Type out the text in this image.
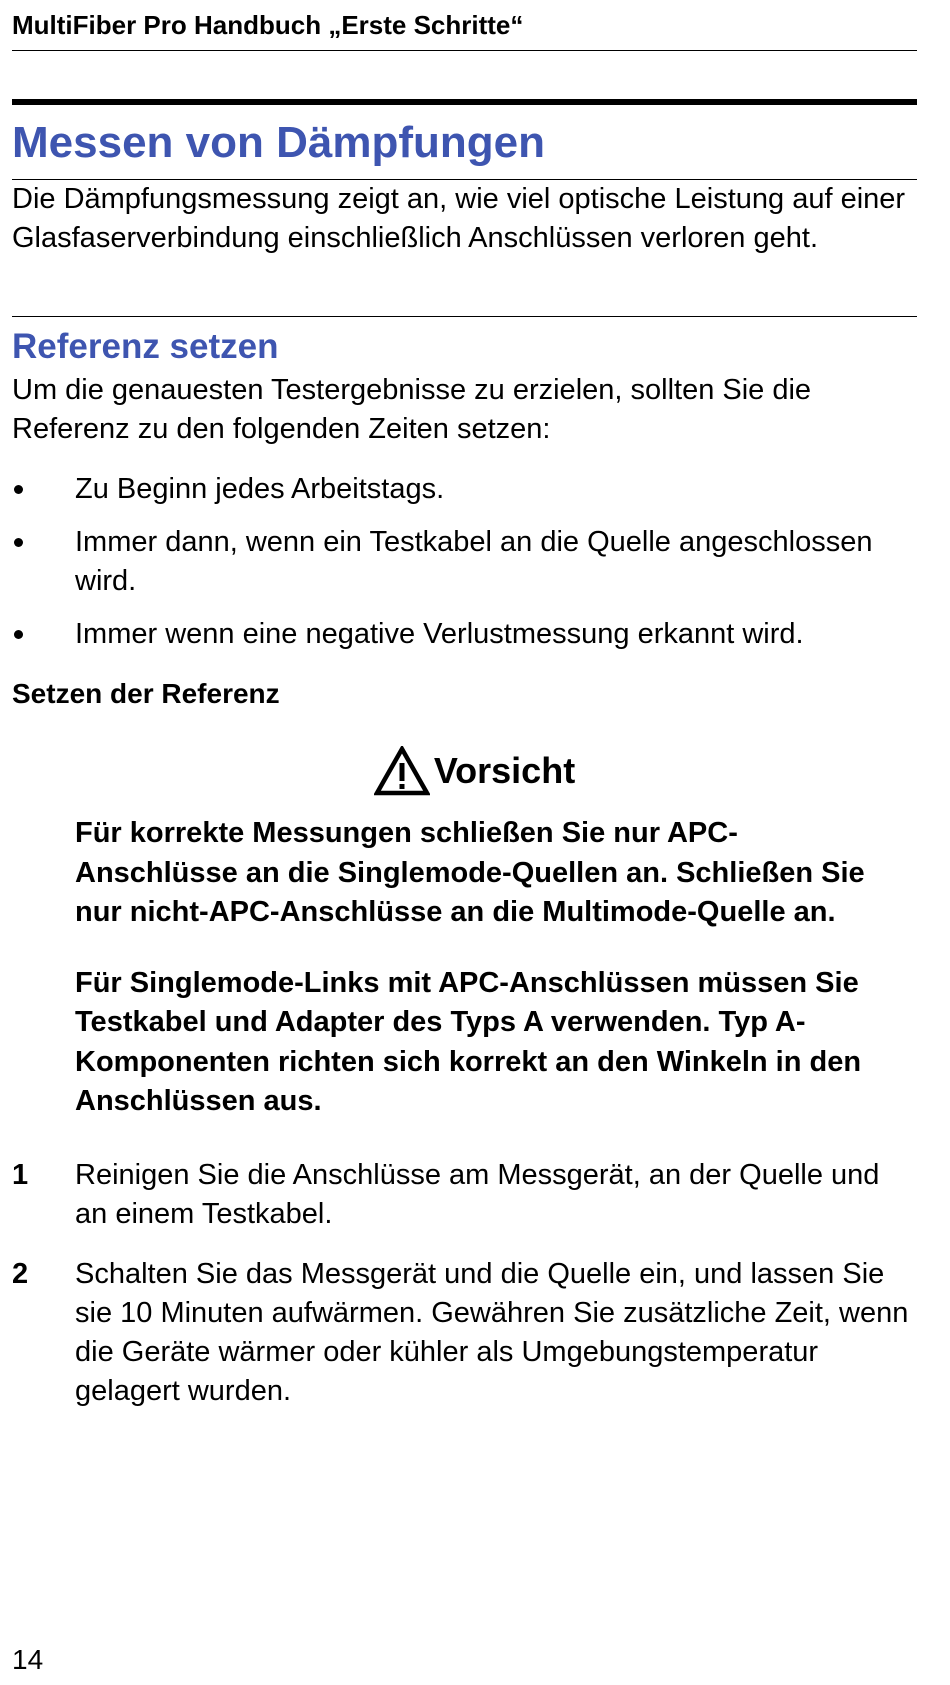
MultiFiber Pro Handbuch „Erste Schritte“
Messen von Dämpfungen

Die Dämpfungsmessung zeigt an, wie viel optische Leistung auf einer Glasfaserverbindung einschließlich Anschlüssen verloren geht.

Referenz setzen

Um die genauesten Testergebnisse zu erzielen, sollten Sie die Referenz zu den folgenden Zeiten setzen:

Zu Beginn jedes Arbeitstags.
Immer dann, wenn ein Testkabel an die Quelle angeschlossen wird.
Immer wenn eine negative Verlustmessung erkannt wird.
Setzen der Referenz
Vorsicht

Für korrekte Messungen schließen Sie nur APC-Anschlüsse an die Singlemode-Quellen an. Schließen Sie nur nicht-APC-Anschlüsse an die Multimode-Quelle an.

Für Singlemode-Links mit APC-Anschlüssen müssen Sie Testkabel und Adapter des Typs A verwenden. Typ A-Komponenten richten sich korrekt an den Winkeln in den Anschlüssen aus.

1 Reinigen Sie die Anschlüsse am Messgerät, an der Quelle und an einem Testkabel.
2 Schalten Sie das Messgerät und die Quelle ein, und lassen Sie sie 10 Minuten aufwärmen. Gewähren Sie zusätzliche Zeit, wenn die Geräte wärmer oder kühler als Umgebungstemperatur gelagert wurden.
14
